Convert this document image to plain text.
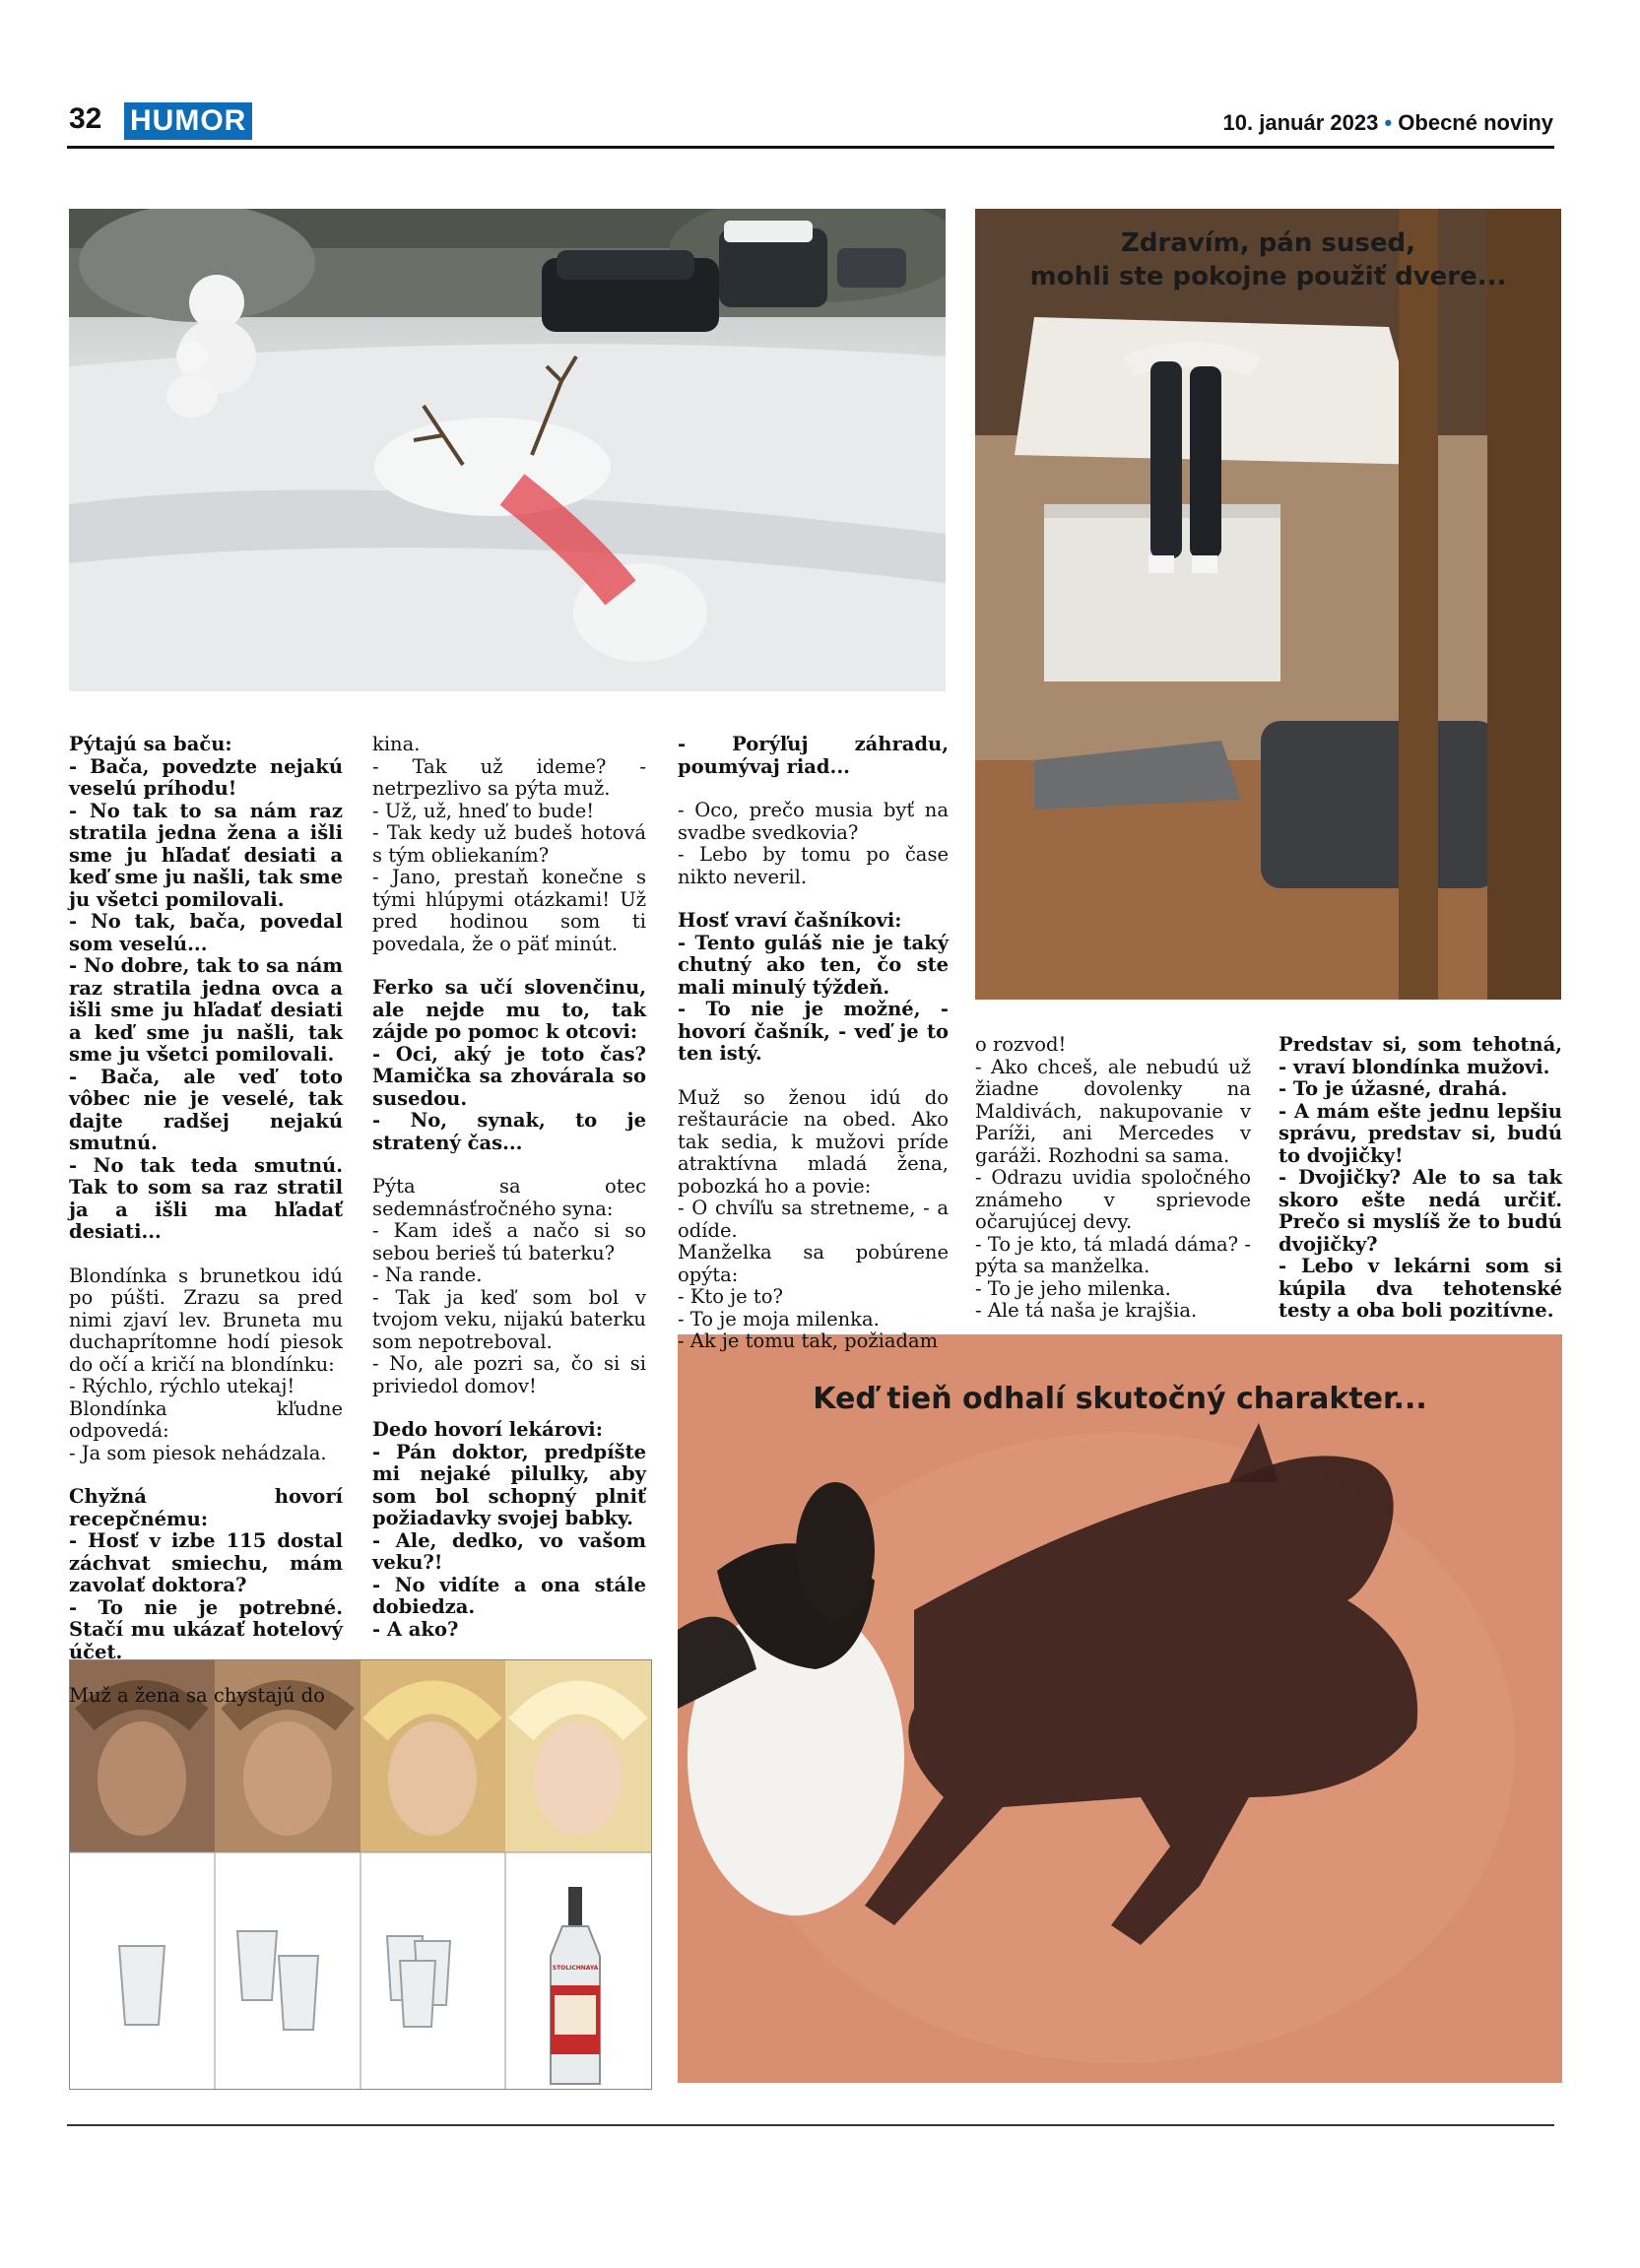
32 HUMOR	10. január 2023 • Obecné noviny
Zdravím, pán sused,
mohli ste pokojne použiť dvere...
Keď tieň odhalí skutočný charakter...
STOLICHNAYA

Pýtajú sa baču:
- Bača, povedzte nejakú veselú príhodu!
- No tak to sa nám raz stratila jedna žena a išli sme ju hľadať desiati a keď sme ju našli, tak sme ju všetci pomilovali.
- No tak, bača, povedal som veselú...
- No dobre, tak to sa nám raz stratila jedna ovca a išli sme ju hľadať desiati a keď sme ju našli, tak sme ju všetci pomilovali.
- Bača, ale veď toto vôbec nie je veselé, tak dajte radšej nejakú smutnú.
- No tak teda smutnú. Tak to som sa raz stratil ja a išli ma hľadať desiati...

Blondínka s brunetkou idú po púšti. Zrazu sa pred nimi zjaví lev. Bruneta mu duchaprítomne hodí piesok do očí a kričí na blondínku:
- Rýchlo, rýchlo utekaj!
Blondínka kľudne odpovedá:
- Ja som piesok nehádzala.

Chyžná hovorí recepčnému:
- Hosť v izbe 115 dostal záchvat smiechu, mám zavolať doktora?
- To nie je potrebné. Stačí mu ukázať hotelový účet.

Muž a žena sa chystajú do

kina.
- Tak už ideme? - netrpezlivo sa pýta muž.
- Už, už, hneď to bude!
- Tak kedy už budeš hotová s tým obliekaním?
- Jano, prestaň konečne s tými hlúpymi otázkami! Už pred hodinou som ti povedala, že o päť minút.

Ferko sa učí slovenčinu, ale nejde mu to, tak zájde po pomoc k otcovi:
- Oci, aký je toto čas? Mamička sa zhovárala so susedou.
- No, synak, to je stratený čas...

Pýta sa otec sedemnásťročného syna:
- Kam ideš a načo si so sebou berieš tú baterku?
- Na rande.
- Tak ja keď som bol v tvojom veku, nijakú baterku som nepotreboval.
- No, ale pozri sa, čo si si priviedol domov!

Dedo hovorí lekárovi:
- Pán doktor, predpíšte mi nejaké pilulky, aby som bol schopný plniť požiadavky svojej babky.
- Ale, dedko, vo vašom veku?!
- No vidíte a ona stále dobiedza.
- A ako?

- Porýľuj záhradu, poumývaj riad...

- Oco, prečo musia byť na svadbe svedkovia?
- Lebo by tomu po čase nikto neveril.

Hosť vraví čašníkovi:
- Tento guláš nie je taký chutný ako ten, čo ste mali minulý týždeň.
- To nie je možné, - hovorí čašník, - veď je to ten istý.

Muž so ženou idú do reštaurácie na obed. Ako tak sedia, k mužovi príde atraktívna mladá žena, pobozká ho a povie:
- O chvíľu sa stretneme, - a odíde.
Manželka sa pobúrene opýta:
- Kto je to?
- To je moja milenka.
- Ak je tomu tak, požiadam

o rozvod!
- Ako chceš, ale nebudú už žiadne dovolenky na Maldivách, nakupovanie v Paríži, ani Mercedes v garáži. Rozhodni sa sama.
- Odrazu uvidia spoločného známeho v sprievode očarujúcej devy.
- To je kto, tá mladá dáma? - pýta sa manželka.
- To je jeho milenka.
- Ale tá naša je krajšia.

Predstav si, som tehotná, - vraví blondínka mužovi.
- To je úžasné, drahá.
- A mám ešte jednu lepšiu správu, predstav si, budú to dvojičky!
- Dvojičky? Ale to sa tak skoro ešte nedá určiť. Prečo si myslíš že to budú dvojičky?
- Lebo v lekárni som si kúpila dva tehotenské testy a oba boli pozitívne.
